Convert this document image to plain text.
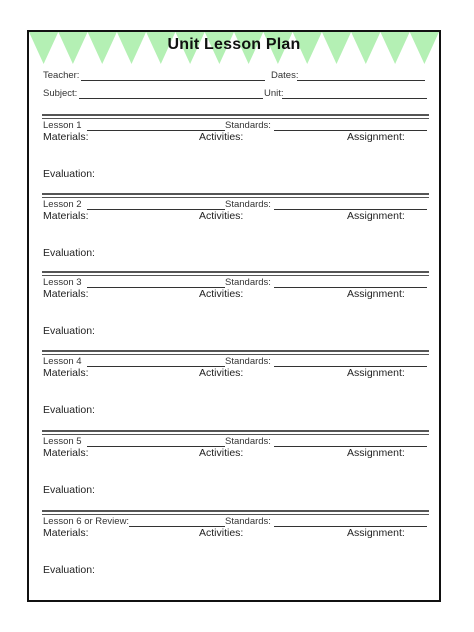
Unit Lesson Plan
Teacher:	Dates:
Subject:	Unit:
Lesson 1	Standards:
Materials:	Activities:	Assignment:
Evaluation:
Lesson 2	Standards:
Materials:	Activities:	Assignment:
Evaluation:
Lesson 3	Standards:
Materials:	Activities:	Assignment:
Evaluation:
Lesson 4	Standards:
Materials:	Activities:	Assignment:
Evaluation:
Lesson 5	Standards:
Materials:	Activities:	Assignment:
Evaluation:
Lesson 6 or Review:	Standards:
Materials:	Activities:	Assignment:
Evaluation:
